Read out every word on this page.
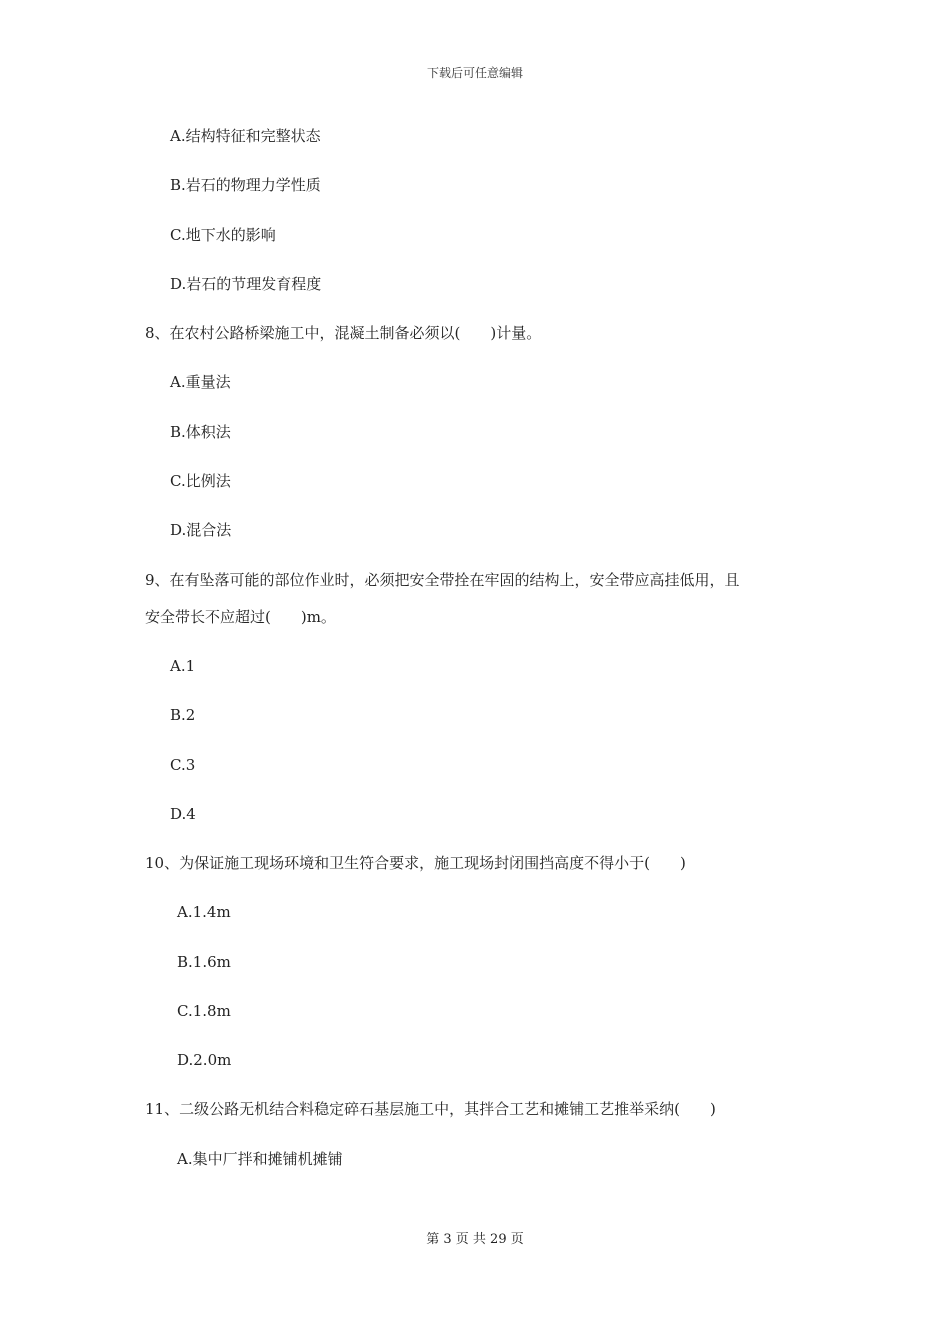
下载后可任意编辑
A.结构特征和完整状态
B.岩石的物理力学性质
C.地下水的影响
D.岩石的节理发育程度
8、在农村公路桥梁施工中，混凝土制备必须以(　　)计量。
A.重量法
B.体积法
C.比例法
D.混合法
9、在有坠落可能的部位作业时，必须把安全带拴在牢固的结构上，安全带应高挂低用，且
安全带长不应超过(　　)m。
A.1
B.2
C.3
D.4
10、为保证施工现场环境和卫生符合要求，施工现场封闭围挡高度不得小于(　　)
A.1.4m
B.1.6m
C.1.8m
D.2.0m
11、二级公路无机结合料稳定碎石基层施工中，其拌合工艺和摊铺工艺推举采纳(　　)
A.集中厂拌和摊铺机摊铺
第 3 页 共 29 页
